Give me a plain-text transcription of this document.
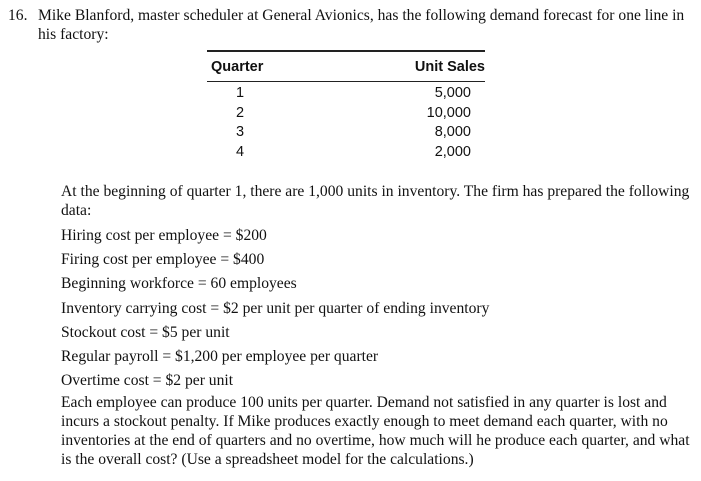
16. Mike Blanford, master scheduler at General Avionics, has the following demand forecast for one line in his factory:
Quarter	Unit Sales
1	5,000
2	10,000
3	8,000
4	2,000

At the beginning of quarter 1, there are 1,000 units in inventory. The firm has prepared the following data:

Hiring cost per employee = $200

Firing cost per employee = $400

Beginning workforce = 60 employees

Inventory carrying cost = $2 per unit per quarter of ending inventory

Stockout cost = $5 per unit

Regular payroll = $1,200 per employee per quarter

Overtime cost = $2 per unit

Each employee can produce 100 units per quarter. Demand not satisfied in any quarter is lost and incurs a stockout penalty. If Mike produces exactly enough to meet demand each quarter, with no inventories at the end of quarters and no overtime, how much will he produce each quarter, and what is the overall cost? (Use a spreadsheet model for the calculations.)
